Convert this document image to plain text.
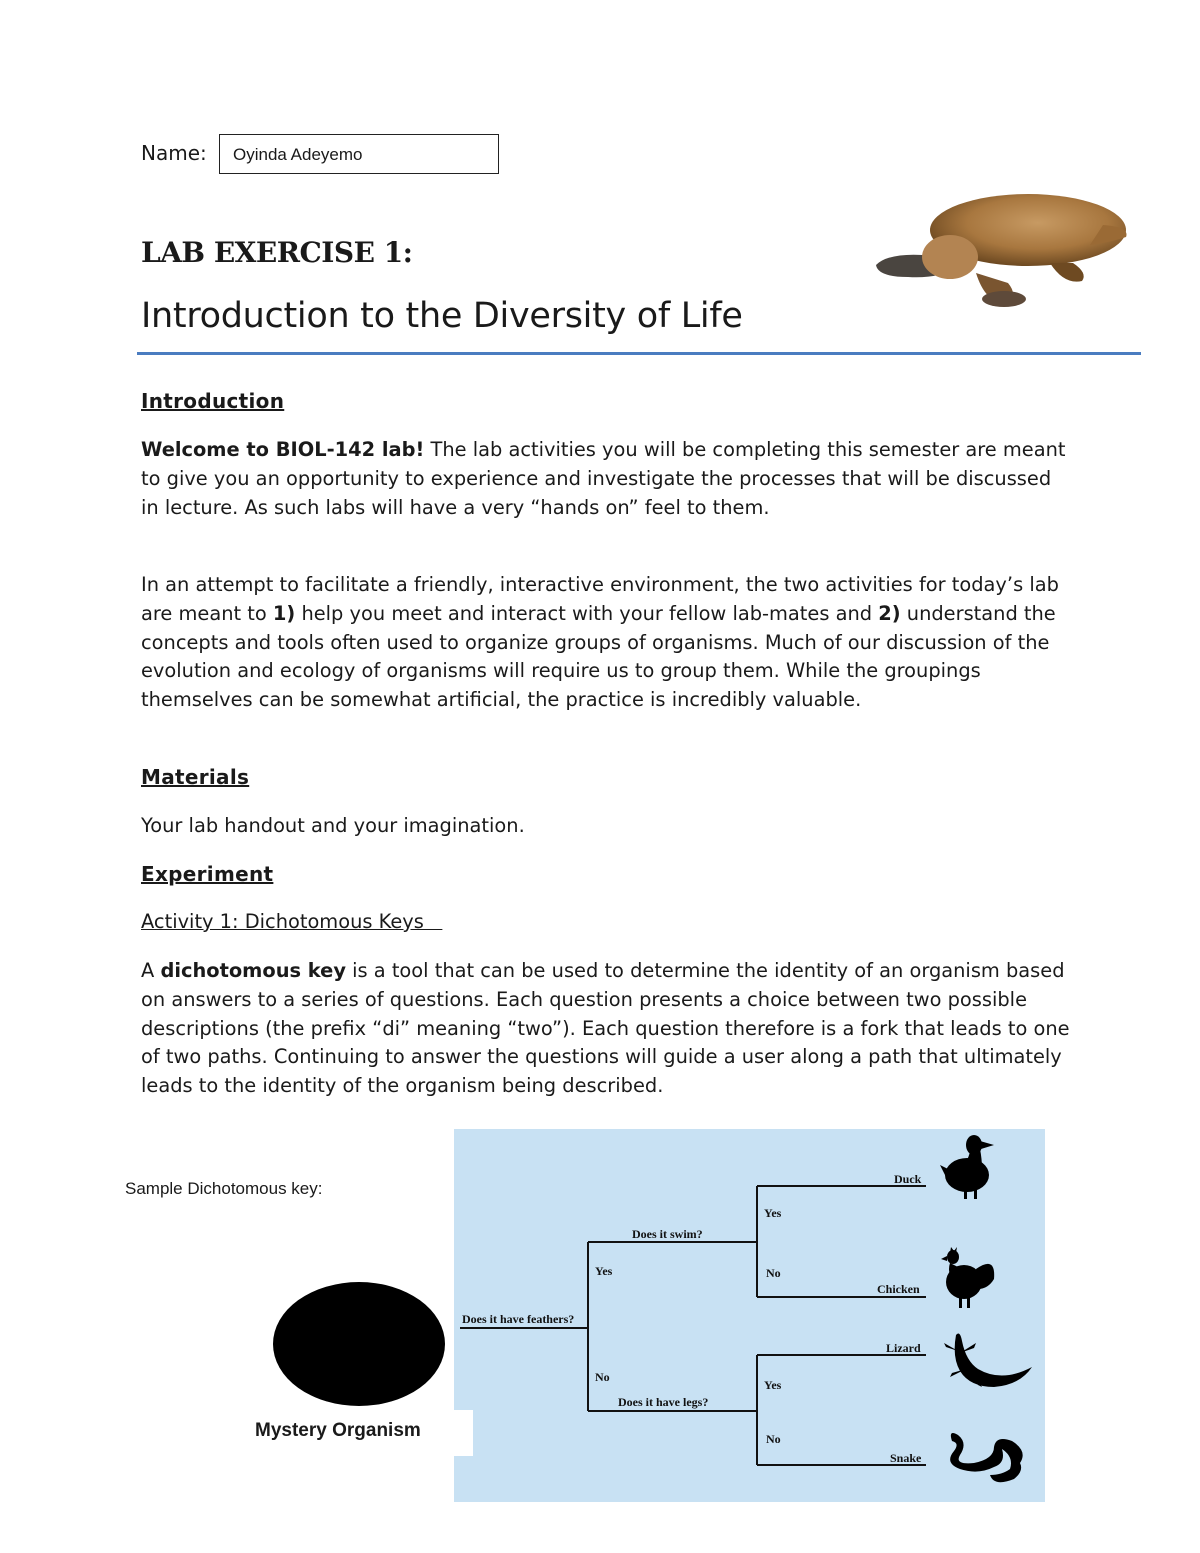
Name:	Oyinda Adeyemo
LAB EXERCISE 1:
Introduction to the Diversity of Life
Introduction

Welcome to BIOL-142 lab! The lab activities you will be completing this semester are meant to give you an opportunity to experience and investigate the processes that will be discussed in lecture. As such labs will have a very “hands on” feel to them.

In an attempt to facilitate a friendly, interactive environment, the two activities for today’s lab are meant to 1) help you meet and interact with your fellow lab-mates and 2) understand the concepts and tools often used to organize groups of organisms. Much of our discussion of the evolution and ecology of organisms will require us to group them. While the groupings themselves can be somewhat artificial, the practice is incredibly valuable.

Materials

Your lab handout and your imagination.

Experiment
Activity 1: Dichotomous Keys

A dichotomous key is a tool that can be used to determine the identity of an organism based on answers to a series of questions. Each question presents a choice between two possible descriptions (the prefix “di” meaning “two”). Each question therefore is a fork that leads to one of two paths. Continuing to answer the questions will guide a user along a path that ultimately leads to the identity of the organism being described.

Sample Dichotomous key:
Mystery Organism
Does it have feathers?
Does it swim?
Does it have legs?
Yes
No
Yes
No
Yes
No
Duck
Chicken
Lizard
Snake
